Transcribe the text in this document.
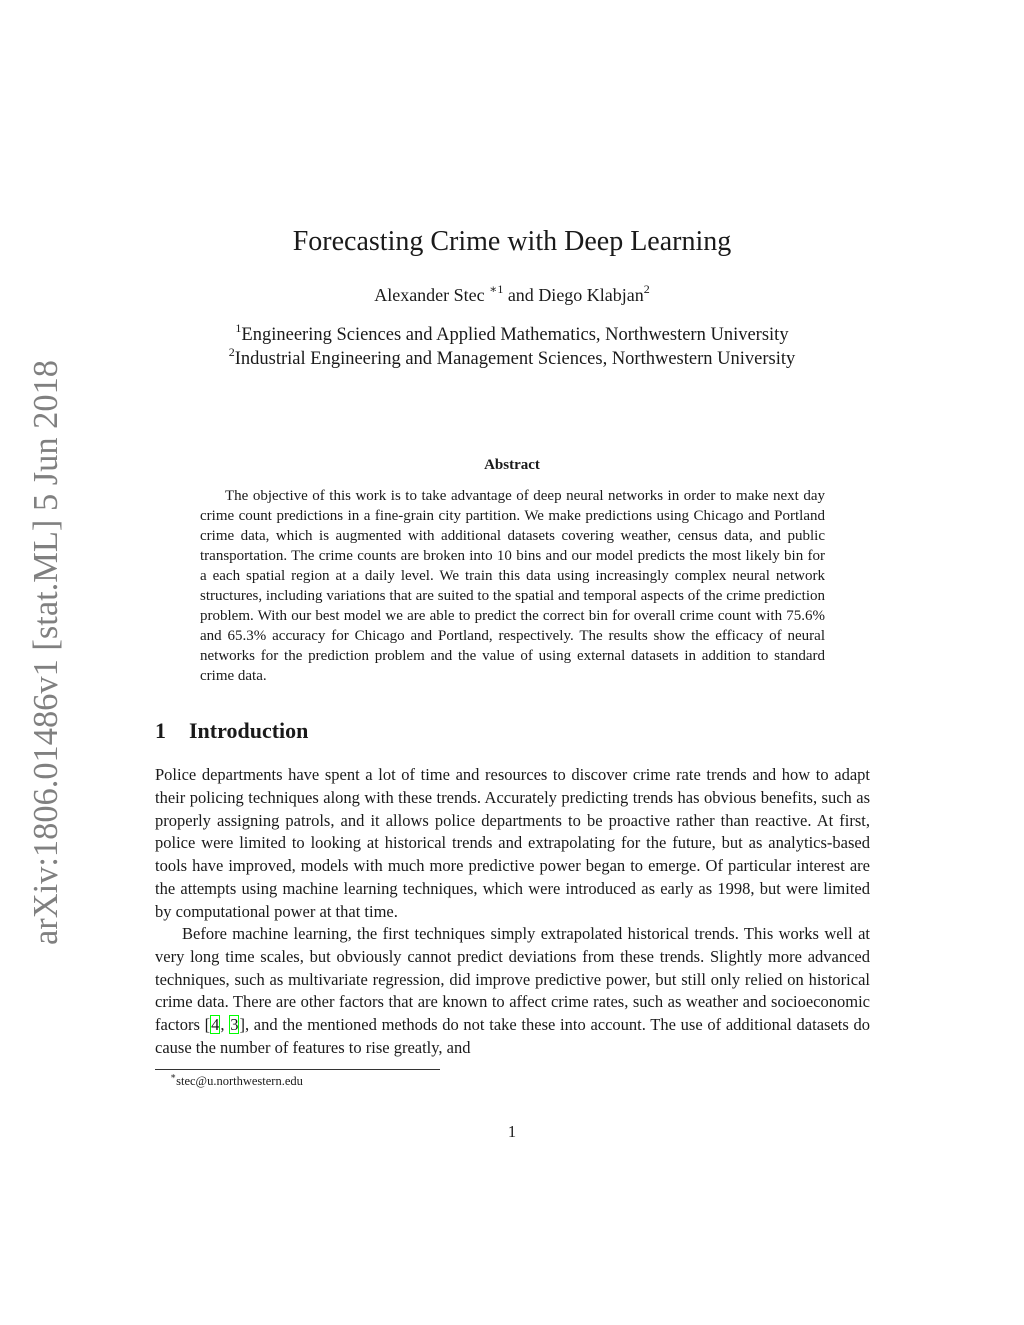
arXiv:1806.01486v1 [stat.ML] 5 Jun 2018
Forecasting Crime with Deep Learning
Alexander Stec $^{∗1}$ and Diego Klabjan$^2$
$^1$Engineering Sciences and Applied Mathematics, Northwestern University
$^2$Industrial Engineering and Management Sciences, Northwestern University
Abstract

The objective of this work is to take advantage of deep neural networks in order to make next day crime count predictions in a fine-grain city partition. We make predictions using Chicago and Portland crime data, which is augmented with additional datasets covering weather, census data, and public transportation. The crime counts are broken into 10 bins and our model predicts the most likely bin for a each spatial region at a daily level. We train this data using increasingly complex neural network structures, including variations that are suited to the spatial and temporal aspects of the crime prediction problem. With our best model we are able to predict the correct bin for overall crime count with 75.6% and 65.3% accuracy for Chicago and Portland, respectively. The results show the efficacy of neural networks for the prediction problem and the value of using external datasets in addition to standard crime data.

1 Introduction

Police departments have spent a lot of time and resources to discover crime rate trends and how to adapt their policing techniques along with these trends. Accurately predicting trends has obvious benefits, such as properly assigning patrols, and it allows police departments to be proactive rather than reactive. At first, police were limited to looking at historical trends and extrapolating for the future, but as analytics-based tools have improved, models with much more predictive power began to emerge. Of particular interest are the attempts using machine learning techniques, which were introduced as early as 1998, but were limited by computational power at that time.

Before machine learning, the first techniques simply extrapolated historical trends. This works well at very long time scales, but obviously cannot predict deviations from these trends. Slightly more advanced techniques, such as multivariate regression, did improve predictive power, but still only relied on historical crime data. There are other factors that are known to affect crime rates, such as weather and socioeconomic factors [4, 3], and the mentioned methods do not take these into account. The use of additional datasets do cause the number of features to rise greatly, and

∗stec@u.northwestern.edu
1
